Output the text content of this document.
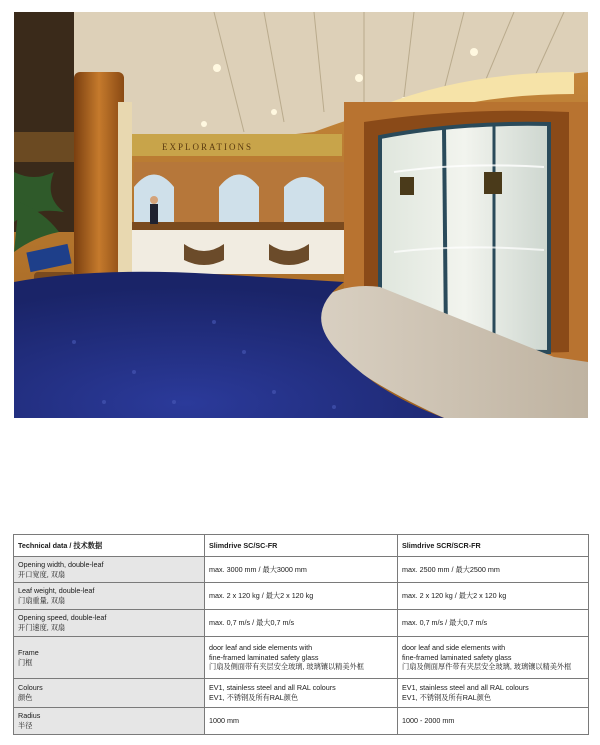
EXPLORATIONS
Technical data / 技术数据	Slimdrive SC/SC-FR	Slimdrive SCR/SCR-FR

Opening width, double-leaf
开口宽度, 双扇	max. 3000 mm / 最大3000 mm	max. 2500 mm / 最大2500 mm

Leaf weight, double-leaf
门扇重量, 双扇	max. 2 x 120 kg / 最大2 x 120 kg	max. 2 x 120 kg / 最大2 x 120 kg

Opening speed, double-leaf
开门速度, 双扇	max. 0,7 m/s / 最大0,7 m/s	max. 0,7 m/s / 最大0,7 m/s

Frame
门框	door leaf and side elements with
fine-framed laminated safety glass
门扇及侧面带有夹层安全玻璃, 玻璃镶以精美外框	door leaf and side elements with
fine-framed laminated safety glass
门扇及侧面厚件带有夹层安全玻璃, 玻璃镶以精美外框

Colours
颜色	EV1, stainless steel and all RAL colours
EV1, 不锈钢及所有RAL颜色	EV1, stainless steel and all RAL colours
EV1, 不锈钢及所有RAL颜色

Radius
半径	1000 mm	1000 - 2000 mm
